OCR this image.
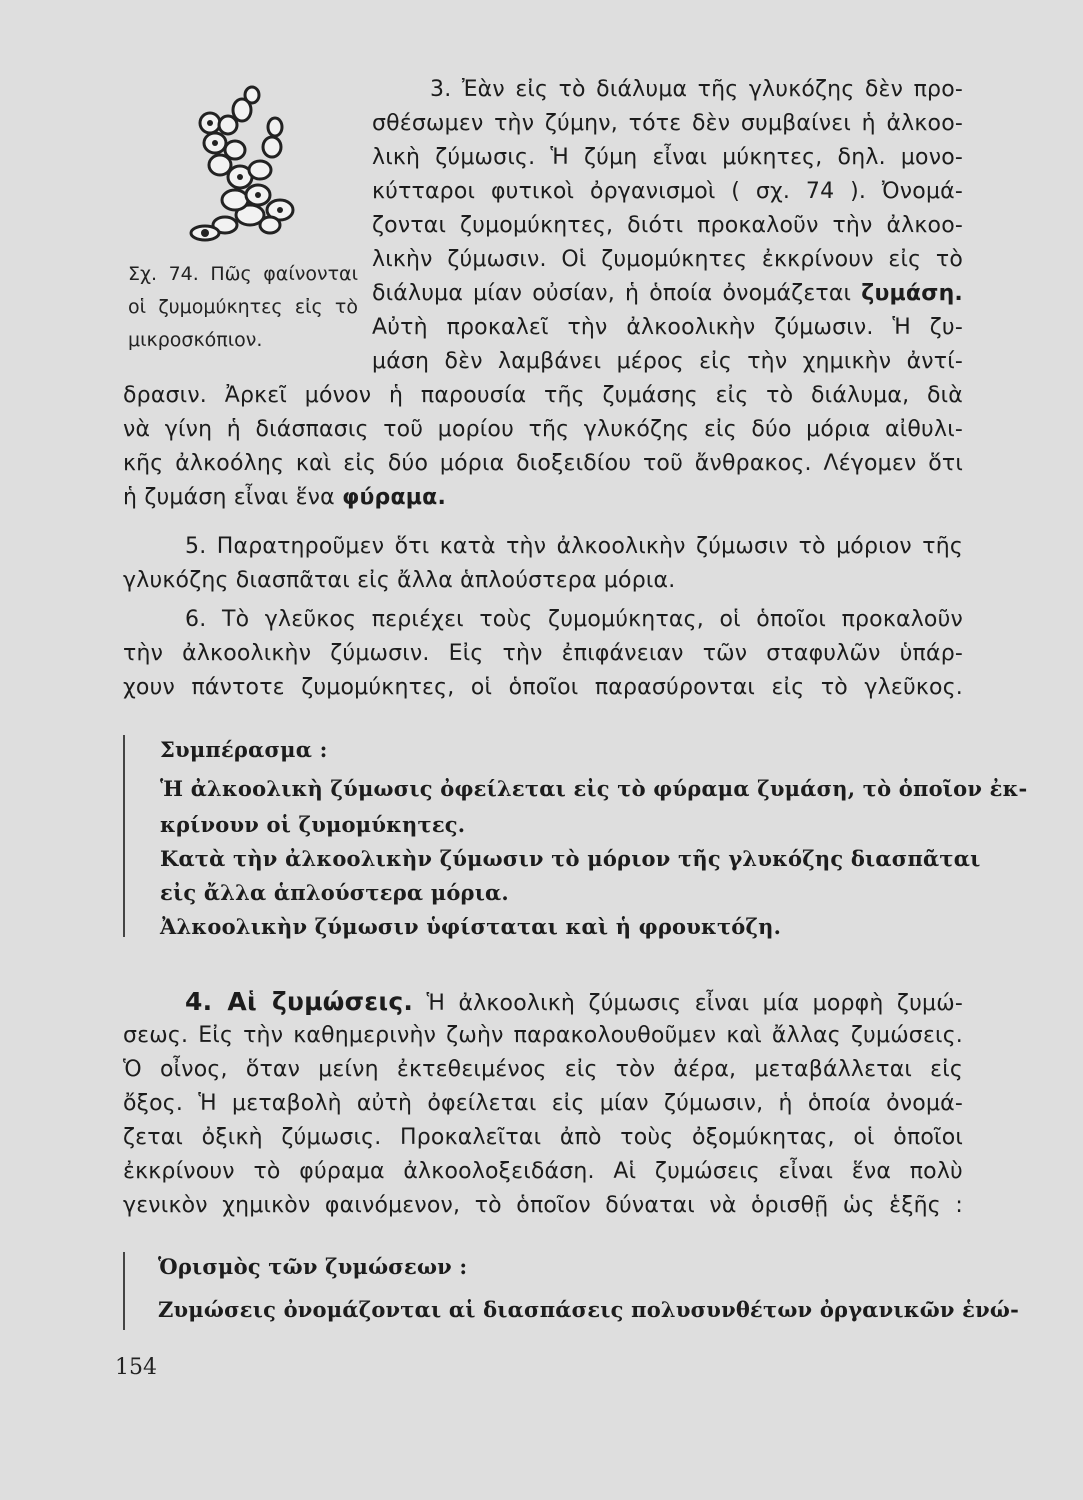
Σχ. 74. Πῶς φαίνονται οἱ ζυμομύκητες εἰς τὸ μικροσκόπιον.
3. Ἐὰν εἰς τὸ διάλυμα τῆς γλυκόζης δὲν προ-
σθέσωμεν τὴν ζύμην, τότε δὲν συμβαίνει ἡ ἀλκοο-
λικὴ ζύμωσις. Ἡ ζύμη εἶναι μύκητες, δηλ. μονο-
κύτταροι φυτικοὶ ὀργανισμοὶ ( σχ. 74 ). Ὀνομά-
ζονται ζυμομύκητες, διότι προκαλοῦν τὴν ἀλκοο-
λικὴν ζύμωσιν. Οἱ ζυμομύκητες ἐκκρίνουν εἰς τὸ
διάλυμα μίαν οὐσίαν, ἡ ὁποία ὀνομάζεται ζυμάση.
Αὐτὴ προκαλεῖ τὴν ἀλκοολικὴν ζύμωσιν. Ἡ ζυ-
μάση δὲν λαμβάνει μέρος εἰς τὴν χημικὴν ἀντί-
δρασιν. Ἀρκεῖ μόνον ἡ παρουσία τῆς ζυμάσης εἰς τὸ διάλυμα, διὰ
νὰ γίνη ἡ διάσπασις τοῦ μορίου τῆς γλυκόζης εἰς δύο μόρια αἰθυλι-
κῆς ἀλκοόλης καὶ εἰς δύο μόρια διοξειδίου τοῦ ἄνθρακος. Λέγομεν ὅτι
ἡ ζυμάση εἶναι ἕνα φύραμα.
5. Παρατηροῦμεν ὅτι κατὰ τὴν ἀλκοολικὴν ζύμωσιν τὸ μόριον τῆς
γλυκόζης διασπᾶται εἰς ἄλλα ἁπλούστερα μόρια.
6. Τὸ γλεῦκος περιέχει τοὺς ζυμομύκητας, οἱ ὁποῖοι προκαλοῦν
τὴν ἀλκοολικὴν ζύμωσιν. Εἰς τὴν ἐπιφάνειαν τῶν σταφυλῶν ὑπάρ-
χουν πάντοτε ζυμομύκητες, οἱ ὁποῖοι παρασύρονται εἰς τὸ γλεῦκος.
Συμπέρασμα :
Ἡ ἀλκοολικὴ ζύμωσις ὀφείλεται εἰς τὸ φύραμα ζυμάση, τὸ ὁποῖον ἐκ-
κρίνουν οἱ ζυμομύκητες.
Κατὰ τὴν ἀλκοολικὴν ζύμωσιν τὸ μόριον τῆς γλυκόζης διασπᾶται
εἰς ἄλλα ἁπλούστερα μόρια.
Ἀλκοολικὴν ζύμωσιν ὑφίσταται καὶ ἡ φρουκτόζη.
4. Αἱ ζυμώσεις. Ἡ ἀλκοολικὴ ζύμωσις εἶναι μία μορφὴ ζυμώ-
σεως. Εἰς τὴν καθημερινὴν ζωὴν παρακολουθοῦμεν καὶ ἄλλας ζυμώσεις.
Ὁ οἶνος, ὅταν μείνη ἐκτεθειμένος εἰς τὸν ἀέρα, μεταβάλλεται εἰς
ὄξος. Ἡ μεταβολὴ αὐτὴ ὀφείλεται εἰς μίαν ζύμωσιν, ἡ ὁποία ὀνομά-
ζεται ὀξικὴ ζύμωσις. Προκαλεῖται ἀπὸ τοὺς ὀξομύκητας, οἱ ὁποῖοι
ἐκκρίνουν τὸ φύραμα ἀλκοολοξειδάση. Αἱ ζυμώσεις εἶναι ἕνα πολὺ
γενικὸν χημικὸν φαινόμενον, τὸ ὁποῖον δύναται νὰ ὁρισθῇ ὡς ἑξῆς :
Ὁρισμὸς τῶν ζυμώσεων :
Ζυμώσεις ὀνομάζονται αἱ διασπάσεις πολυσυνθέτων ὀργανικῶν ἑνώ-
154
